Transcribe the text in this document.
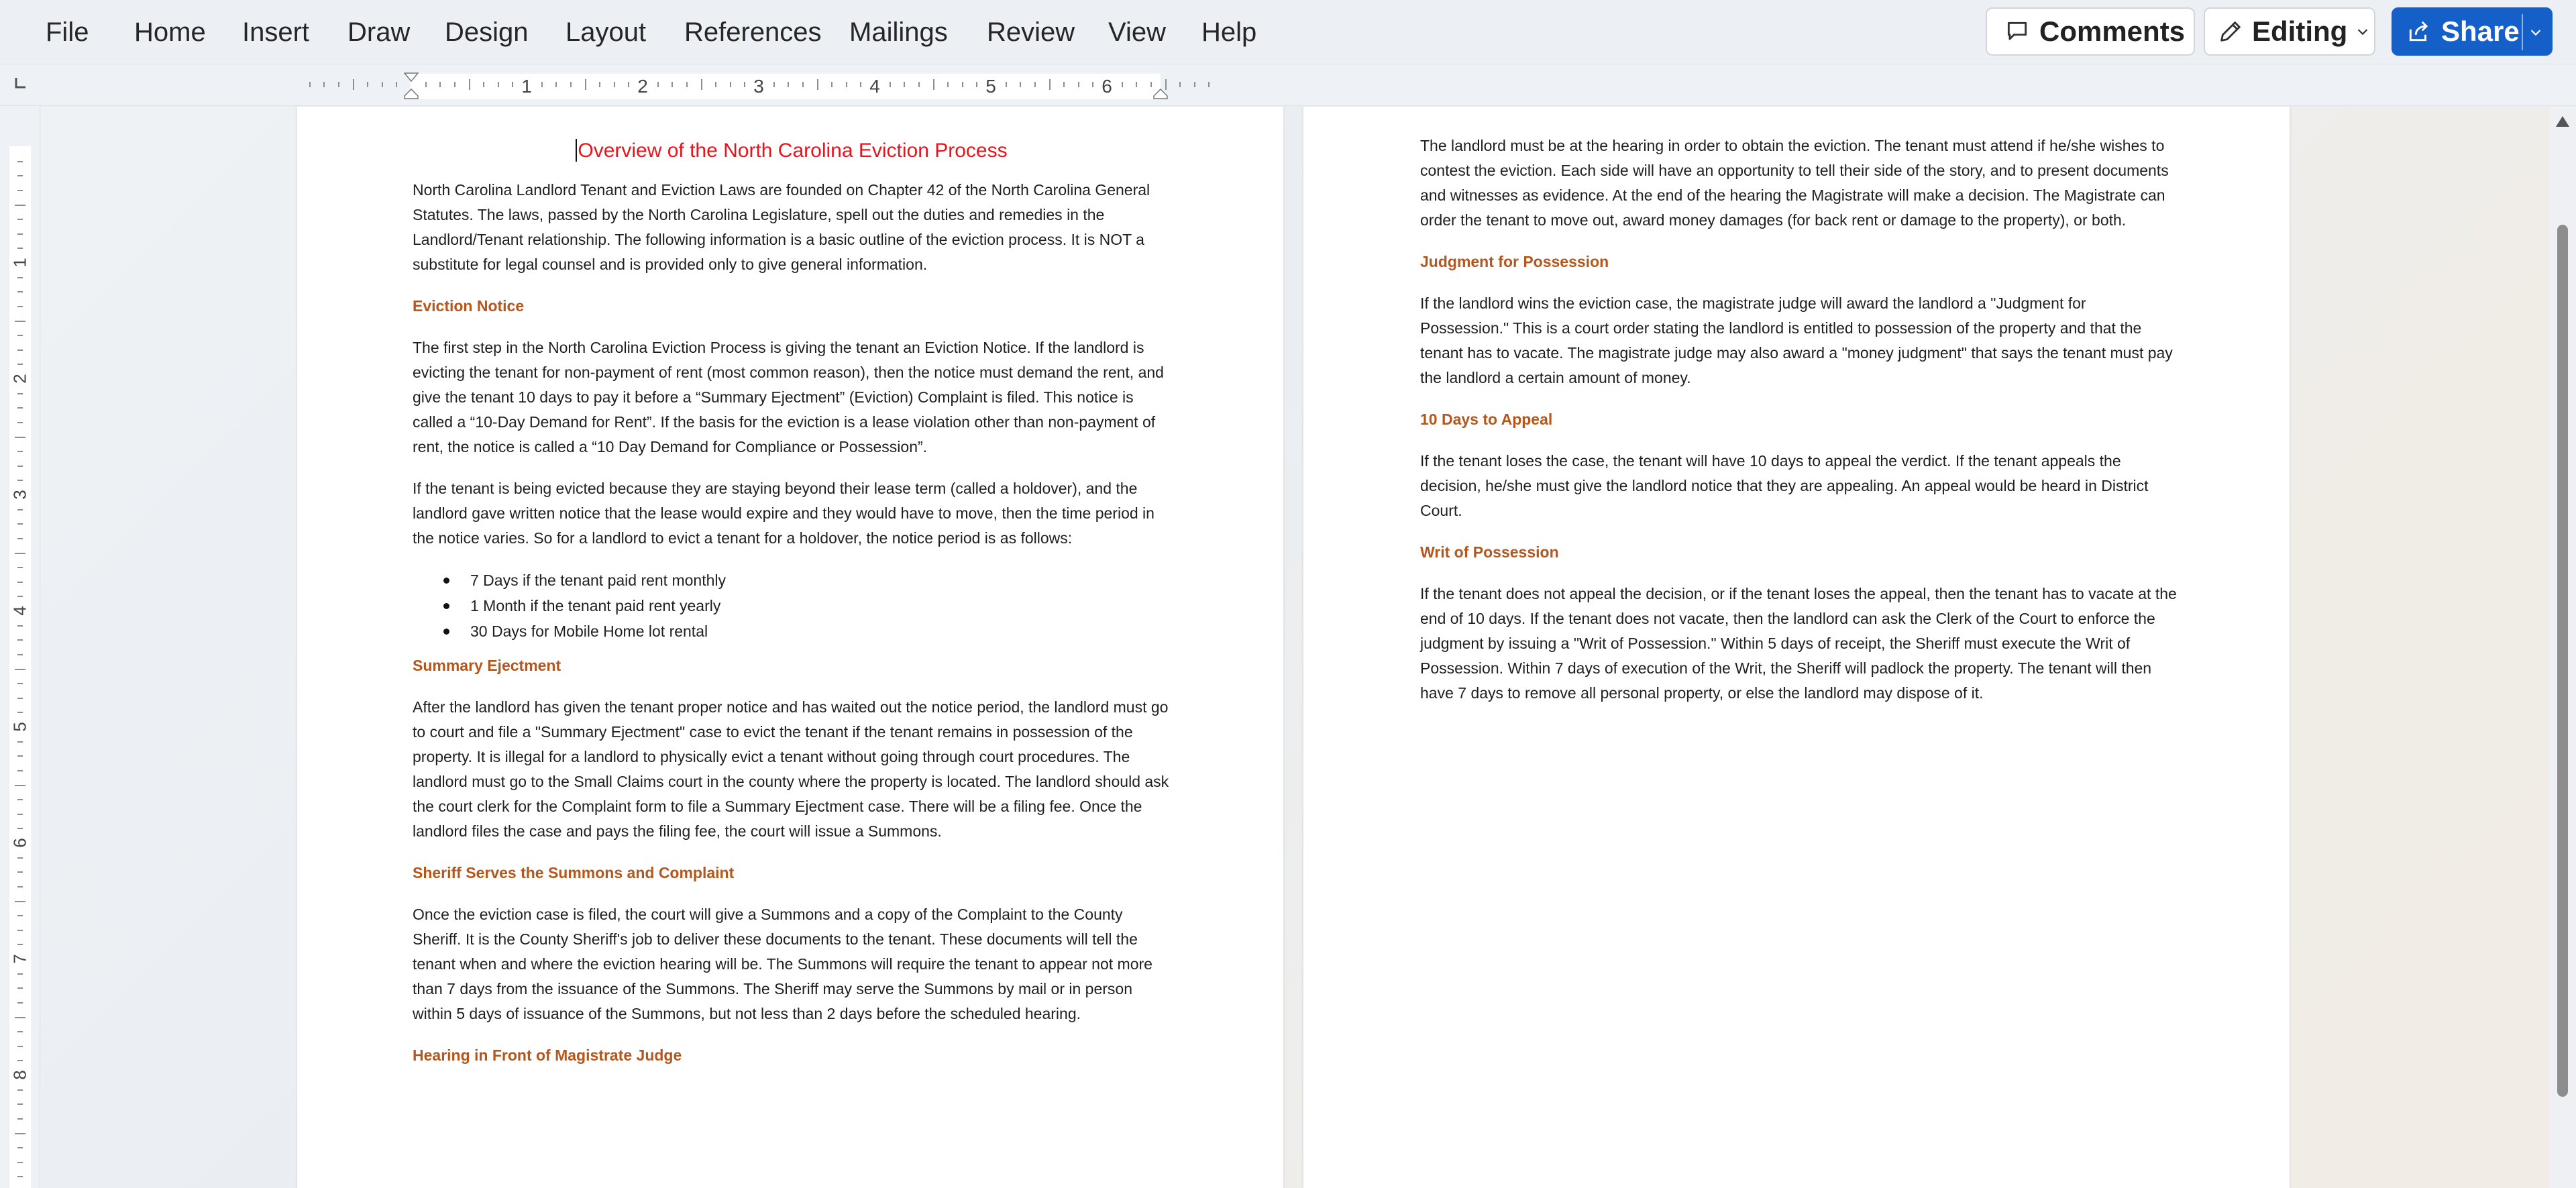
File Home Insert Draw Design Layout References Mailings Review View Help	Comments Editing	Share
1	2	3	4	5	6
1
2
3
4
5
6
7
8
Overview of the North Carolina Eviction Process

North Carolina Landlord Tenant and Eviction Laws are founded on Chapter 42 of the North Carolina General Statutes. The laws, passed by the North Carolina Legislature, spell out the duties and remedies in the Landlord/Tenant relationship. The following information is a basic outline of the eviction process. It is NOT a substitute for legal counsel and is provided only to give general information.

Eviction Notice

The first step in the North Carolina Eviction Process is giving the tenant an Eviction Notice. If the landlord is evicting the tenant for non-payment of rent (most common reason), then the notice must demand the rent, and give the tenant 10 days to pay it before a “Summary Ejectment” (Eviction) Complaint is filed. This notice is called a “10-Day Demand for Rent”. If the basis for the eviction is a lease violation other than non-payment of rent, the notice is called a “10 Day Demand for Compliance or Possession”.

If the tenant is being evicted because they are staying beyond their lease term (called a holdover), and the landlord gave written notice that the lease would expire and they would have to move, then the time period in the notice varies. So for a landlord to evict a tenant for a holdover, the notice period is as follows:

7 Days if the tenant paid rent monthly
1 Month if the tenant paid rent yearly
30 Days for Mobile Home lot rental
Summary Ejectment

After the landlord has given the tenant proper notice and has waited out the notice period, the landlord must go to court and file a "Summary Ejectment" case to evict the tenant if the tenant remains in possession of the property. It is illegal for a landlord to physically evict a tenant without going through court procedures. The landlord must go to the Small Claims court in the county where the property is located. The landlord should ask the court clerk for the Complaint form to file a Summary Ejectment case. There will be a filing fee. Once the landlord files the case and pays the filing fee, the court will issue a Summons.

Sheriff Serves the Summons and Complaint

Once the eviction case is filed, the court will give a Summons and a copy of the Complaint to the County Sheriff. It is the County Sheriff's job to deliver these documents to the tenant. These documents will tell the tenant when and where the eviction hearing will be. The Summons will require the tenant to appear not more than 7 days from the issuance of the Summons. The Sheriff may serve the Summons by mail or in person within 5 days of issuance of the Summons, but not less than 2 days before the scheduled hearing.

Hearing in Front of Magistrate Judge

The landlord must be at the hearing in order to obtain the eviction. The tenant must attend if he/she wishes to contest the eviction. Each side will have an opportunity to tell their side of the story, and to present documents and witnesses as evidence. At the end of the hearing the Magistrate will make a decision. The Magistrate can order the tenant to move out, award money damages (for back rent or damage to the property), or both.

Judgment for Possession

If the landlord wins the eviction case, the magistrate judge will award the landlord a "Judgment for Possession." This is a court order stating the landlord is entitled to possession of the property and that the tenant has to vacate. The magistrate judge may also award a "money judgment" that says the tenant must pay the landlord a certain amount of money.

10 Days to Appeal

If the tenant loses the case, the tenant will have 10 days to appeal the verdict. If the tenant appeals the decision, he/she must give the landlord notice that they are appealing. An appeal would be heard in District Court.

Writ of Possession

If the tenant does not appeal the decision, or if the tenant loses the appeal, then the tenant has to vacate at the end of 10 days. If the tenant does not vacate, then the landlord can ask the Clerk of the Court to enforce the judgment by issuing a "Writ of Possession." Within 5 days of receipt, the Sheriff must execute the Writ of Possession. Within 7 days of execution of the Writ, the Sheriff will padlock the property. The tenant will then have 7 days to remove all personal property, or else the landlord may dispose of it.
